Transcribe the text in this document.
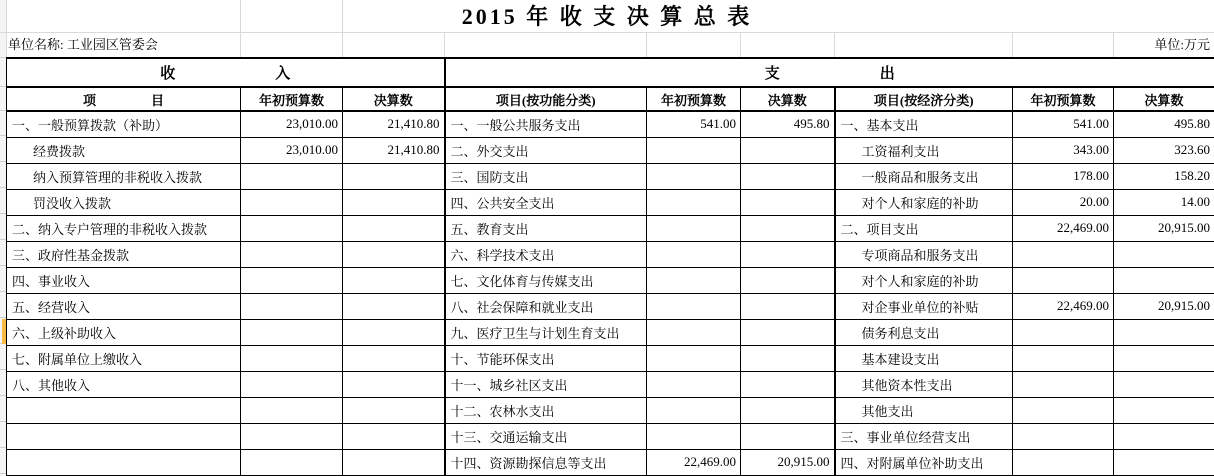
2015 年 收 支 决 算 总 表
单位名称: 工业园区管委会	单位:万元
收 入			支 出					
项 目	年初预算数	决算数	项目(按功能分类)	年初预算数	决算数	项目(按经济分类)	年初预算数	决算数
一、一般预算拨款（补助）	23,010.00	21,410.80	一、一般公共服务支出	541.00	495.80	一、基本支出	541.00	495.80
经费拨款	23,010.00	21,410.80	二、外交支出			工资福利支出	343.00	323.60
纳入预算管理的非税收入拨款			三、国防支出			一般商品和服务支出	178.00	158.20
罚没收入拨款			四、公共安全支出			对个人和家庭的补助	20.00	14.00
二、纳入专户管理的非税收入拨款			五、教育支出			二、项目支出	22,469.00	20,915.00
三、政府性基金拨款			六、科学技术支出			专项商品和服务支出		
四、事业收入			七、文化体育与传媒支出			对个人和家庭的补助		
五、经营收入			八、社会保障和就业支出			对企事业单位的补贴	22,469.00	20,915.00
六、上级补助收入			九、医疗卫生与计划生育支出			债务利息支出		
七、附属单位上缴收入			十、节能环保支出			基本建设支出		
八、其他收入			十一、城乡社区支出			其他资本性支出		
			十二、农林水支出			其他支出		
			十三、交通运输支出			三、事业单位经营支出		
			十四、资源勘探信息等支出	22,469.00	20,915.00	四、对附属单位补助支出		
